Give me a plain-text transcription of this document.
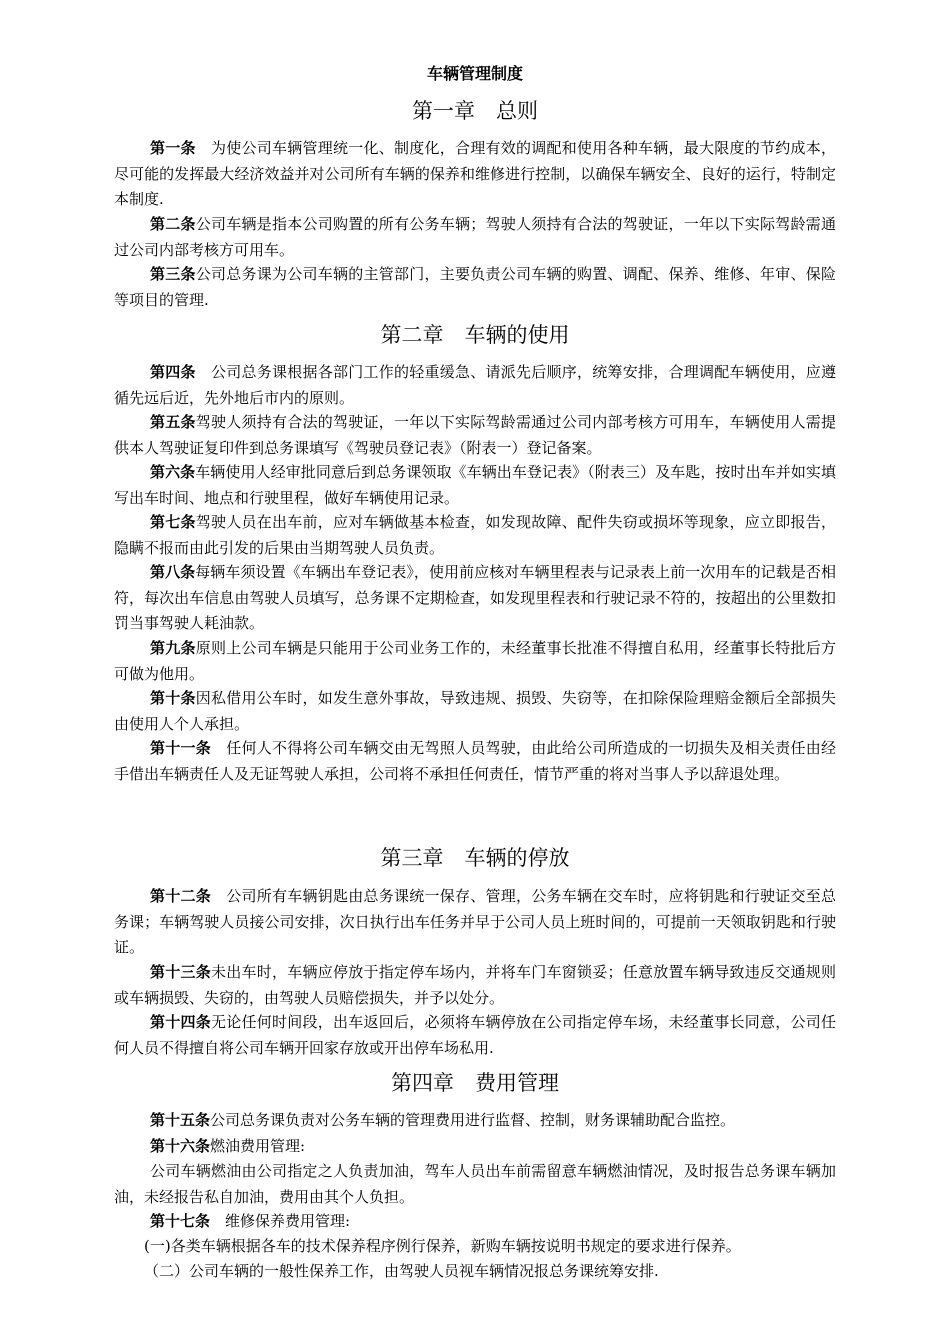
车辆管理制度
第一章　总则

第一条　为使公司车辆管理统一化、制度化，合理有效的调配和使用各种车辆，最大限度的节约成本，尽可能的发挥最大经济效益并对公司所有车辆的保养和维修进行控制，以确保车辆安全、良好的运行，特制定本制度.

第二条公司车辆是指本公司购置的所有公务车辆；驾驶人须持有合法的驾驶证，一年以下实际驾龄需通过公司内部考核方可用车。

第三条公司总务课为公司车辆的主管部门，主要负责公司车辆的购置、调配、保养、维修、年审、保险等项目的管理.

第二章　车辆的使用

第四条　公司总务课根据各部门工作的轻重缓急、请派先后顺序，统筹安排，合理调配车辆使用，应遵循先远后近，先外地后市内的原则。

第五条驾驶人须持有合法的驾驶证，一年以下实际驾龄需通过公司内部考核方可用车，车辆使用人需提供本人驾驶证复印件到总务课填写《驾驶员登记表》（附表一）登记备案。

第六条车辆使用人经审批同意后到总务课领取《车辆出车登记表》（附表三）及车匙，按时出车并如实填写出车时间、地点和行驶里程，做好车辆使用记录。

第七条驾驶人员在出车前，应对车辆做基本检查，如发现故障、配件失窃或损坏等现象，应立即报告，隐瞒不报而由此引发的后果由当期驾驶人员负责。

第八条每辆车须设置《车辆出车登记表》，使用前应核对车辆里程表与记录表上前一次用车的记载是否相符，每次出车信息由驾驶人员填写，总务课不定期检查，如发现里程表和行驶记录不符的，按超出的公里数扣罚当事驾驶人耗油款。

第九条原则上公司车辆是只能用于公司业务工作的，未经董事长批准不得擅自私用，经董事长特批后方可做为他用。

第十条因私借用公车时，如发生意外事故，导致违规、损毁、失窃等，在扣除保险理赔金额后全部损失由使用人个人承担。

第十一条　任何人不得将公司车辆交由无驾照人员驾驶，由此给公司所造成的一切损失及相关责任由经手借出车辆责任人及无证驾驶人承担，公司将不承担任何责任，情节严重的将对当事人予以辞退处理。

第三章　车辆的停放

第十二条　公司所有车辆钥匙由总务课统一保存、管理，公务车辆在交车时，应将钥匙和行驶证交至总务课；车辆驾驶人员接公司安排，次日执行出车任务并早于公司人员上班时间的，可提前一天领取钥匙和行驶证。

第十三条未出车时，车辆应停放于指定停车场内，并将车门车窗锁妥；任意放置车辆导致违反交通规则或车辆损毁、失窃的，由驾驶人员赔偿损失，并予以处分。

第十四条无论任何时间段，出车返回后，必须将车辆停放在公司指定停车场，未经董事长同意，公司任何人员不得擅自将公司车辆开回家存放或开出停车场私用.

第四章　费用管理

第十五条公司总务课负责对公务车辆的管理费用进行监督、控制，财务课辅助配合监控。

第十六条燃油费用管理:

公司车辆燃油由公司指定之人负责加油，驾车人员出车前需留意车辆燃油情况，及时报告总务课车辆加油，未经报告私自加油，费用由其个人负担。

第十七条　维修保养费用管理:

(一)各类车辆根据各车的技术保养程序例行保养，新购车辆按说明书规定的要求进行保养。

（二）公司车辆的一般性保养工作，由驾驶人员视车辆情况报总务课统筹安排.
